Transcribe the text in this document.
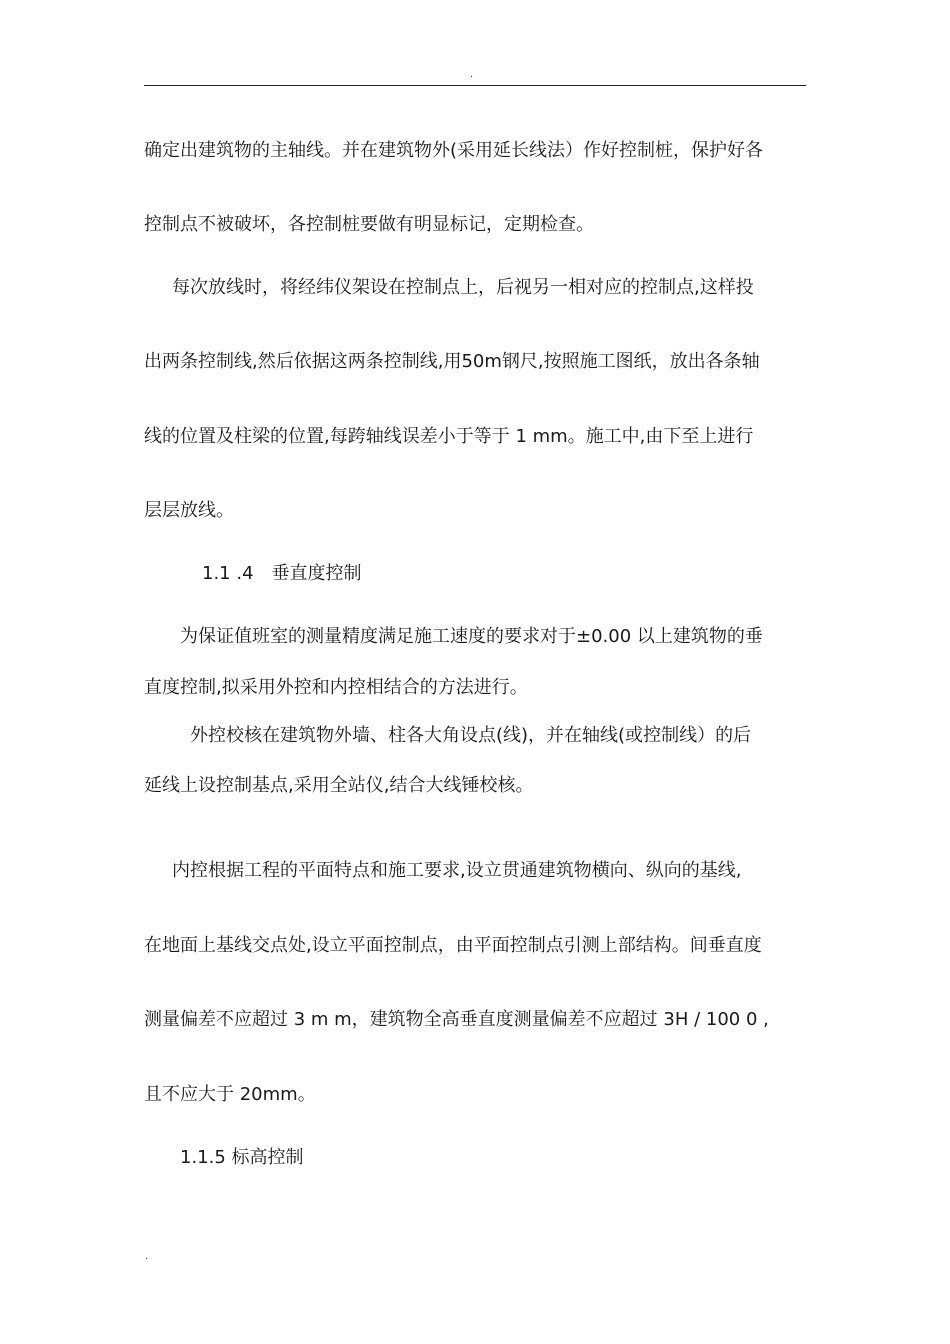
.
确定出建筑物的主轴线。并在建筑物外(采用延长线法）作好控制桩，保护好各
控制点不被破坏，各控制桩要做有明显标记，定期检查。
每次放线时，将经纬仪架设在控制点上，后视另一相对应的控制点,这样投
出两条控制线,然后依据这两条控制线,用50m钢尺,按照施工图纸，放出各条轴
线的位置及柱梁的位置,每跨轴线误差小于等于 1 mm。施工中,由下至上进行
层层放线。
1.1 .4　垂直度控制
为保证值班室的测量精度满足施工速度的要求对于±0.00 以上建筑物的垂
直度控制,拟采用外控和内控相结合的方法进行。
外控校核在建筑物外墙、柱各大角设点(线)，并在轴线(或控制线）的后
延线上设控制基点,采用全站仪,结合大线锤校核。
内控根据工程的平面特点和施工要求,设立贯通建筑物横向、纵向的基线,
在地面上基线交点处,设立平面控制点，由平面控制点引测上部结构。间垂直度
测量偏差不应超过 3 m m，建筑物全高垂直度测量偏差不应超过 3H / 100 0 ,
且不应大于 20mm。
1.1.5 标高控制
.
